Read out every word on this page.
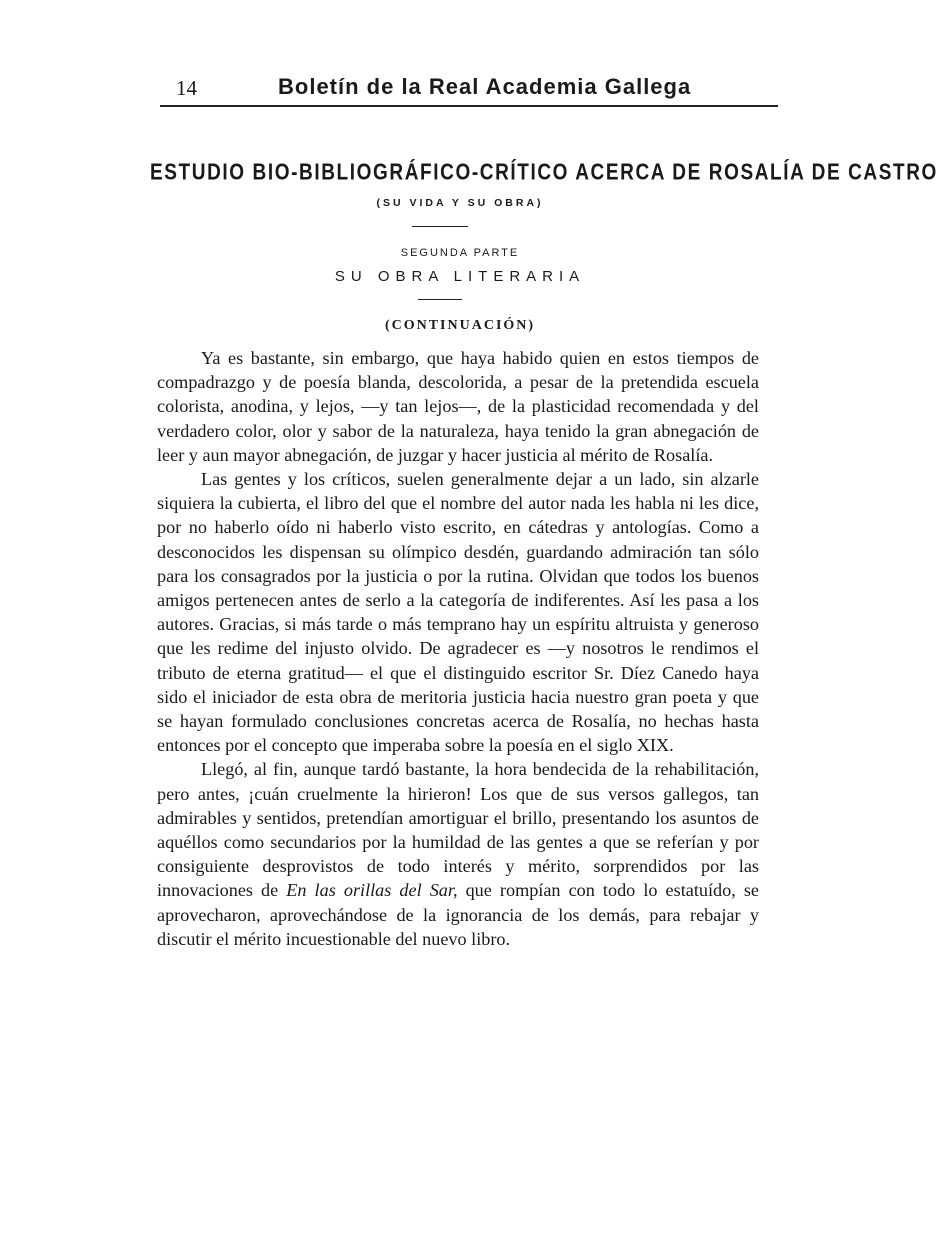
14	Boletín de la Real Academia Gallega
ESTUDIO BIO-BIBLIOGRÁFICO-CRÍTICO ACERCA DE ROSALÍA DE CASTRO
(SU VIDA Y SU OBRA)
SEGUNDA PARTE
SU OBRA LITERARIA
(CONTINUACIÓN)

Ya es bastante, sin embargo, que haya habido quien en estos tiempos de compadrazgo y de poesía blanda, descolorida, a pesar de la pretendida escuela colorista, anodina, y lejos, —y tan lejos—, de la plasticidad recomendada y del verdadero color, olor y sabor de la naturaleza, haya tenido la gran abnegación de leer y aun mayor abnegación, de juzgar y hacer justicia al mérito de Rosalía.

Las gentes y los críticos, suelen generalmente dejar a un lado, sin alzarle siquiera la cubierta, el libro del que el nombre del autor nada les habla ni les dice, por no haberlo oído ni haberlo visto escrito, en cátedras y antologías. Como a desconocidos les dispensan su olímpico desdén, guardando admiración tan sólo para los consagrados por la justicia o por la rutina. Olvidan que todos los buenos amigos pertenecen antes de serlo a la categoría de indiferentes. Así les pasa a los autores. Gracias, si más tarde o más temprano hay un espíritu altruista y generoso que les redime del injusto olvido. De agradecer es —y nosotros le rendimos el tributo de eterna gratitud— el que el distinguido escritor Sr. Díez Canedo haya sido el iniciador de esta obra de meritoria justicia hacia nuestro gran poeta y que se hayan formulado conclusiones concretas acerca de Rosalía, no hechas hasta entonces por el concepto que imperaba sobre la poesía en el siglo XIX.

Llegó, al fin, aunque tardó bastante, la hora bendecida de la rehabilitación, pero antes, ¡cuán cruelmente la hirieron! Los que de sus versos gallegos, tan admirables y sentidos, pretendían amortiguar el brillo, presentando los asuntos de aquéllos como secundarios por la humildad de las gentes a que se referían y por consiguiente desprovistos de todo interés y mérito, sorprendidos por las innovaciones de En las orillas del Sar, que rompían con todo lo estatuído, se aprovecharon, aprovechándose de la ignorancia de los demás, para rebajar y discutir el mérito incuestionable del nuevo libro.
